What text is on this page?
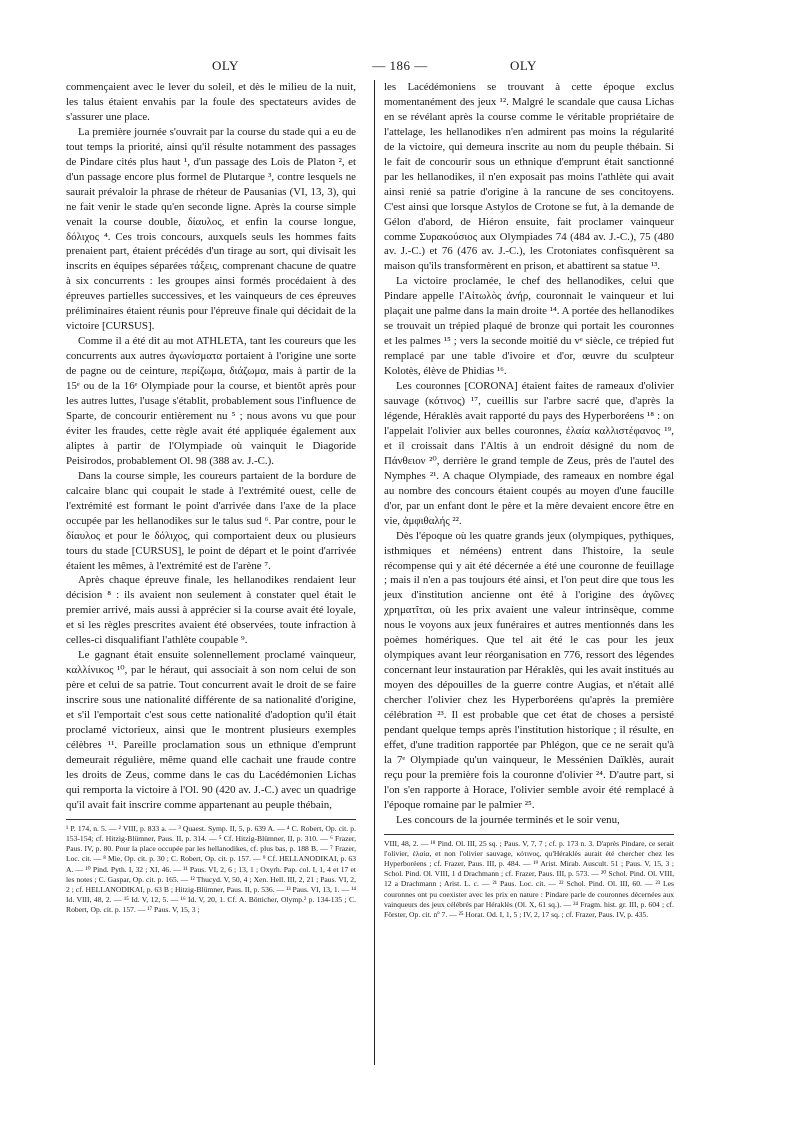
OLY	— 186 —	OLY

commençaient avec le lever du soleil, et dès le milieu de la nuit, les talus étaient envahis par la foule des spectateurs avides de s'assurer une place.

La première journée s'ouvrait par la course du stade qui a eu de tout temps la priorité, ainsi qu'il résulte notamment des passages de Pindare cités plus haut ¹, d'un passage des Lois de Platon ², et d'un passage encore plus formel de Plutarque ³, contre lesquels ne saurait prévaloir la phrase de rhéteur de Pausanias (VI, 13, 3), qui ne fait venir le stade qu'en seconde ligne. Après la course simple venait la course double, δίαυλος, et enfin la course longue, δόλιχος ⁴. Ces trois concours, auxquels seuls les hommes faits prenaient part, étaient précédés d'un tirage au sort, qui divisait les inscrits en équipes séparées τάξεις, comprenant chacune de quatre à six concurrents : les groupes ainsi formés procédaient à des épreuves partielles successives, et les vainqueurs de ces épreuves préliminaires étaient réunis pour l'épreuve finale qui décidait de la victoire [CURSUS].

Comme il a été dit au mot ATHLETA, tant les coureurs que les concurrents aux autres ἀγωνίσματα portaient à l'origine une sorte de pagne ou de ceinture, περίζωμα, διάζωμα, mais à partir de la 15ᵉ ou de la 16ᵉ Olympiade pour la course, et bientôt après pour les autres luttes, l'usage s'établit, probablement sous l'influence de Sparte, de concourir entièrement nu ⁵ ; nous avons vu que pour éviter les fraudes, cette règle avait été appliquée également aux aliptes à partir de l'Olympiade où vainquit le Diagoride Peisirodos, probablement Ol. 98 (388 av. J.-C.).

Dans la course simple, les coureurs partaient de la bordure de calcaire blanc qui coupait le stade à l'extrémité ouest, celle de l'extrémité est formant le point d'arrivée dans l'axe de la place occupée par les hellanodikes sur le talus sud ⁶. Par contre, pour le δίαυλος et pour le δόλιχος, qui comportaient deux ou plusieurs tours du stade [CURSUS], le point de départ et le point d'arrivée étaient les mêmes, à l'extrémité est de l'arène ⁷.

Après chaque épreuve finale, les hellanodikes rendaient leur décision ⁸ : ils avaient non seulement à constater quel était le premier arrivé, mais aussi à apprécier si la course avait été loyale, et si les règles prescrites avaient été observées, toute infraction à celles-ci disqualifiant l'athlète coupable ⁹.

Le gagnant était ensuite solennellement proclamé vainqueur, καλλίνικος ¹⁰, par le héraut, qui associait à son nom celui de son père et celui de sa patrie. Tout concurrent avait le droit de se faire inscrire sous une nationalité différente de sa nationalité d'origine, et s'il l'emportait c'est sous cette nationalité d'adoption qu'il était proclamé victorieux, ainsi que le montrent plusieurs exemples célèbres ¹¹. Pareille proclamation sous un ethnique d'emprunt demeurait régulière, même quand elle cachait une fraude contre les droits de Zeus, comme dans le cas du Lacédémonien Lichas qui remporta la victoire à l'Ol. 90 (420 av. J.-C.) avec un quadrige qu'il avait fait inscrire comme appartenant au peuple thébain,

¹ P. 174, n. 5. — ² VIII, p. 833 a. — ³ Quaest. Symp. II, 5, p. 639 A. — ⁴ C. Robert, Op. cit. p. 153-154; cf. Hitzig-Blümner, Paus. II, p. 314. — ⁵ Cf. Hitzig-Blümner, II, p. 310. — ⁶ Frazer, Paus. IV, p. 80. Pour la place occupée par les hellanodikes, cf. plus bas, p. 188 B. — ⁷ Frazer, Loc. cit. — ⁸ Mie, Op. cit. p. 30 ; C. Robert, Op. cit. p. 157. — ⁹ Cf. HELLANODIKAI, p. 63 A. — ¹⁰ Pind. Pyth. I, 32 ; XI, 46. — ¹¹ Paus. VI, 2, 6 ; 13, 1 ; Oxyrh. Pap. col. I, 1, 4 et 17 et les notes ; C. Gaspar, Op. cit. p. 165. — ¹² Thucyd. V, 50, 4 ; Xen. Hell. III, 2, 21 ; Paus. VI, 2, 2 ; cf. HELLANODIKAI, p. 63 B ; Hitzig-Blümner, Paus. II, p. 536. — ¹³ Paus. VI, 13, 1. — ¹⁴ Id. VIII, 48, 2. — ¹⁵ Id. V, 12, 5. — ¹⁶ Id. V, 20, 1. Cf. A. Bötticher, Olymp.² p. 134-135 ; C. Robert, Op. cit. p. 157. — ¹⁷ Paus. V, 15, 3 ;

les Lacédémoniens se trouvant à cette époque exclus momentanément des jeux ¹². Malgré le scandale que causa Lichas en se révélant après la course comme le véritable propriétaire de l'attelage, les hellanodikes n'en admirent pas moins la régularité de la victoire, qui demeura inscrite au nom du peuple thébain. Si le fait de concourir sous un ethnique d'emprunt était sanctionné par les hellanodikes, il n'en exposait pas moins l'athlète qui avait ainsi renié sa patrie d'origine à la rancune de ses concitoyens. C'est ainsi que lorsque Astylos de Crotone se fut, à la demande de Gélon d'abord, de Hiéron ensuite, fait proclamer vainqueur comme Συρακούσιος aux Olympiades 74 (484 av. J.-C.), 75 (480 av. J.-C.) et 76 (476 av. J.-C.), les Crotoniates confisquèrent sa maison qu'ils transformèrent en prison, et abattirent sa statue ¹³.

La victoire proclamée, le chef des hellanodikes, celui que Pindare appelle l'Αἰτωλὸς ἀνήρ, couronnait le vainqueur et lui plaçait une palme dans la main droite ¹⁴. A portée des hellanodikes se trouvait un trépied plaqué de bronze qui portait les couronnes et les palmes ¹⁵ ; vers la seconde moitié du vᵉ siècle, ce trépied fut remplacé par une table d'ivoire et d'or, œuvre du sculpteur Kolotès, élève de Phidias ¹⁶.

Les couronnes [CORONA] étaient faites de rameaux d'olivier sauvage (κότινος) ¹⁷, cueillis sur l'arbre sacré que, d'après la légende, Héraklès avait rapporté du pays des Hyperboréens ¹⁸ : on l'appelait l'olivier aux belles couronnes, ἐλαία καλλιστέφανος ¹⁹, et il croissait dans l'Altis à un endroit désigné du nom de Πάνθειον ²⁰, derrière le grand temple de Zeus, près de l'autel des Nymphes ²¹. A chaque Olympiade, des rameaux en nombre égal au nombre des concours étaient coupés au moyen d'une faucille d'or, par un enfant dont le père et la mère devaient encore être en vie, ἀμφιθαλής ²².

Dès l'époque où les quatre grands jeux (olympiques, pythiques, isthmiques et néméens) entrent dans l'histoire, la seule récompense qui y ait été décernée a été une couronne de feuillage ; mais il n'en a pas toujours été ainsi, et l'on peut dire que tous les jeux d'institution ancienne ont été à l'origine des ἀγῶνες χρηματῖται, où les prix avaient une valeur intrinsèque, comme nous le voyons aux jeux funéraires et autres mentionnés dans les poèmes homériques. Que tel ait été le cas pour les jeux olympiques avant leur réorganisation en 776, ressort des légendes concernant leur instauration par Héraklès, qui les avait institués au moyen des dépouilles de la guerre contre Augias, et n'était allé chercher l'olivier chez les Hyperboréens qu'après la première célébration ²³. Il est probable que cet état de choses a persisté pendant quelque temps après l'institution historique ; il résulte, en effet, d'une tradition rapportée par Phlégon, que ce ne serait qu'à la 7ᵉ Olympiade qu'un vainqueur, le Messénien Daïklès, aurait reçu pour la première fois la couronne d'olivier ²⁴. D'autre part, si l'on s'en rapporte à Horace, l'olivier semble avoir été remplacé à l'époque romaine par le palmier ²⁵.

Les concours de la journée terminés et le soir venu,

VIII, 48, 2. — ¹⁸ Pind. Ol. III, 25 sq. ; Paus. V, 7, 7 ; cf. p. 173 n. 3. D'après Pindare, ce serait l'olivier, ἐλαία, et non l'olivier sauvage, κότινος, qu'Héraklès aurait été chercher chez les Hyperboréens ; cf. Frazer, Paus. III, p. 484. — ¹⁹ Arist. Mirab. Auscult. 51 ; Paus. V, 15, 3 ; Schol. Pind. Ol. VIII, 1 d Drachmann ; cf. Frazer, Paus. III, p. 573. — ²⁰ Schol. Pind. Ol. VIII, 12 a Drachmann ; Arist. L. c. — ²¹ Paus. Loc. cit. — ²² Schol. Pind. Ol. III, 60. — ²³ Les couronnes ont pu coexister avec les prix en nature : Pindare parle de couronnes décernées aux vainqueurs des jeux célébrés par Héraklès (Ol. X, 61 sq.). — ²⁴ Fragm. hist. gr. III, p. 604 ; cf. Förster, Op. cit. nº 7. — ²⁵ Horat. Od. I, 1, 5 ; IV, 2, 17 sq. ; cf. Frazer, Paus. IV, p. 435.
